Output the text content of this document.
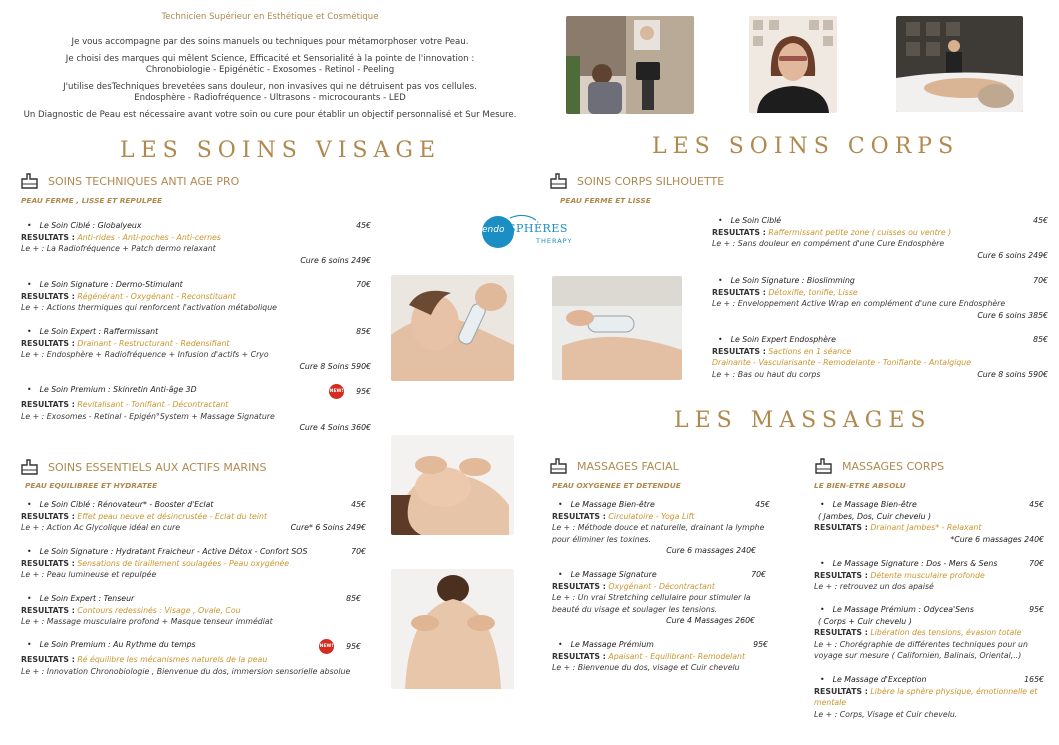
Technicien Supérieur en Esthétique et Cosmétique

Je vous accompagne par des soins manuels ou techniques pour métamorphoser votre Peau.

Je choisi des marques qui mêlent Science, Efficacité et Sensorialité à la pointe de l'innovation :
Chronobiologie - Epigénétic - Exosomes - Retinol - Peeling

J'utilise desTechniques brevetées sans douleur, non invasives qui ne détruisent pas vos cellules.
Endosphère - Radiofréquence - Ultrasons - microcourants - LED

Un Diagnostic de Peau est nécessaire avant votre soin ou cure pour établir un objectif personnalisé et Sur Mesure.

LES SOINS VISAGE	LES SOINS CORPS
LES MASSAGES
endo SPHÈRES
THERAPY
SOINS TECHNIQUES ANTI AGE PRO
PEAU FERME , LISSE ET REPULPEE
• Le Soin Ciblé : Globalyeux	45€
RESULTATS : Anti-rides - Anti-poches - Anti-cernes
Le + : La Radiofréquence + Patch dermo relaxant
Cure 6 soins 249€
• Le Soin Signature : Dermo-Stimulant	70€
RESULTATS : Régénérant - Oxygénant - Reconstituant
Le + : Actions thermiques qui renforcent l'activation métabolique
• Le Soin Expert : Raffermissant	85€
RESULTATS : Drainant - Restructurant - Redensifiant
Le + : Endosphère + Radiofréquence + Infusion d'actifs + Cryo
Cure 8 Soins 590€
• Le Soin Premium : Skinretin Anti-âge 3D	NEW! 95€
RESULTATS : Revitalisant - Tonifiant - Décontractant
Le + : Exosomes - Retinal - Epigén°System + Massage Signature
Cure 4 Soins 360€
SOINS ESSENTIELS AUX ACTIFS MARINS
PEAU EQUILIBREE ET HYDRATEE
• Le Soin Ciblé : Rénovateur* - Booster d'Eclat	45€
RESULTATS : Effet peau neuve et désincrustée - Eclat du teint
Le + : Action Ac Glycolique idéal en cure	Cure* 6 Soins 249€
• Le Soin Signature : Hydratant Fraicheur - Active Détox - Confort SOS	70€
RESULTATS : Sensations de tiraillement soulagées - Peau oxygénée
Le + : Peau lumineuse et repulpée
• Le Soin Expert : Tenseur	85€
RESULTATS : Contours redessinés : Visage , Ovale, Cou
Le + : Massage musculaire profond + Masque tenseur immédiat
• Le Soin Premium : Au Rythme du temps	NEW! 95€
RESULTATS : Ré équilibre les mécanismes naturels de la peau
Le + : Innovation Chronobiologie , Bienvenue du dos, immersion sensorielle absolue
SOINS CORPS SILHOUETTE
PEAU FERME ET LISSE
• Le Soin Ciblé	45€
RESULTATS : Raffermissant petite zone ( cuisses ou ventre )
Le + : Sans douleur en compément d'une Cure Endosphère
Cure 6 soins 249€
• Le Soin Signature : Bioslimming	70€
RESULTATS : Détoxifie, tonifie, Lisse
Le + : Enveloppement Active Wrap en complément d'une cure Endosphère
Cure 6 soins 385€
• Le Soin Expert Endosphère	85€
RESULTATS : Sactions en 1 séance
Drainante - Vascularisante - Remodelante - Tonifiante - Antalgique
Le + : Bas ou haut du corps	Cure 8 soins 590€
MASSAGES FACIAL
PEAU OXYGENEE ET DETENDUE
• Le Massage Bien-être	45€
RESULTATS : Circulatoire - Yoga Lift
Le + : Méthode douce et naturelle, drainant la lymphe pour éliminer les toxines.
Cure 6 massages 240€
• Le Massage Signature	70€
RESULTATS : Oxygénant - Décontractant
Le + : Un vrai Stretching cellulaire pour stimuler la beauté du visage et soulager les tensions.
Cure 4 Massages 260€
• Le Massage Prémium	95€
RESULTATS : Apaisant - Equilibrant- Remodelant
Le + : Bienvenue du dos, visage et Cuir chevelu
MASSAGES CORPS
LE BIEN-ETRE ABSOLU
• Le Massage Bien-être	45€
( Jambes, Dos, Cuir chevelu )
RESULTATS : Drainant Jambes* - Relaxant
*Cure 6 massages 240€
• Le Massage Signature : Dos - Mers & Sens	70€
RESULTATS : Détente musculaire profonde
Le + : retrouvez un dos apaisé
• Le Massage Prémium : Odycea'Sens	95€
( Corps + Cuir chevelu )
RESULTATS : Libération des tensions, évasion totale
Le + : Chorégraphie de différentes techniques pour un voyage sur mesure ( Californien, Balinais, Oriental,..)
• Le Massage d'Exception	165€
RESULTATS : Libère la sphère physique, émotionnelle et mentale
Le + : Corps, Visage et Cuir chevelu.
